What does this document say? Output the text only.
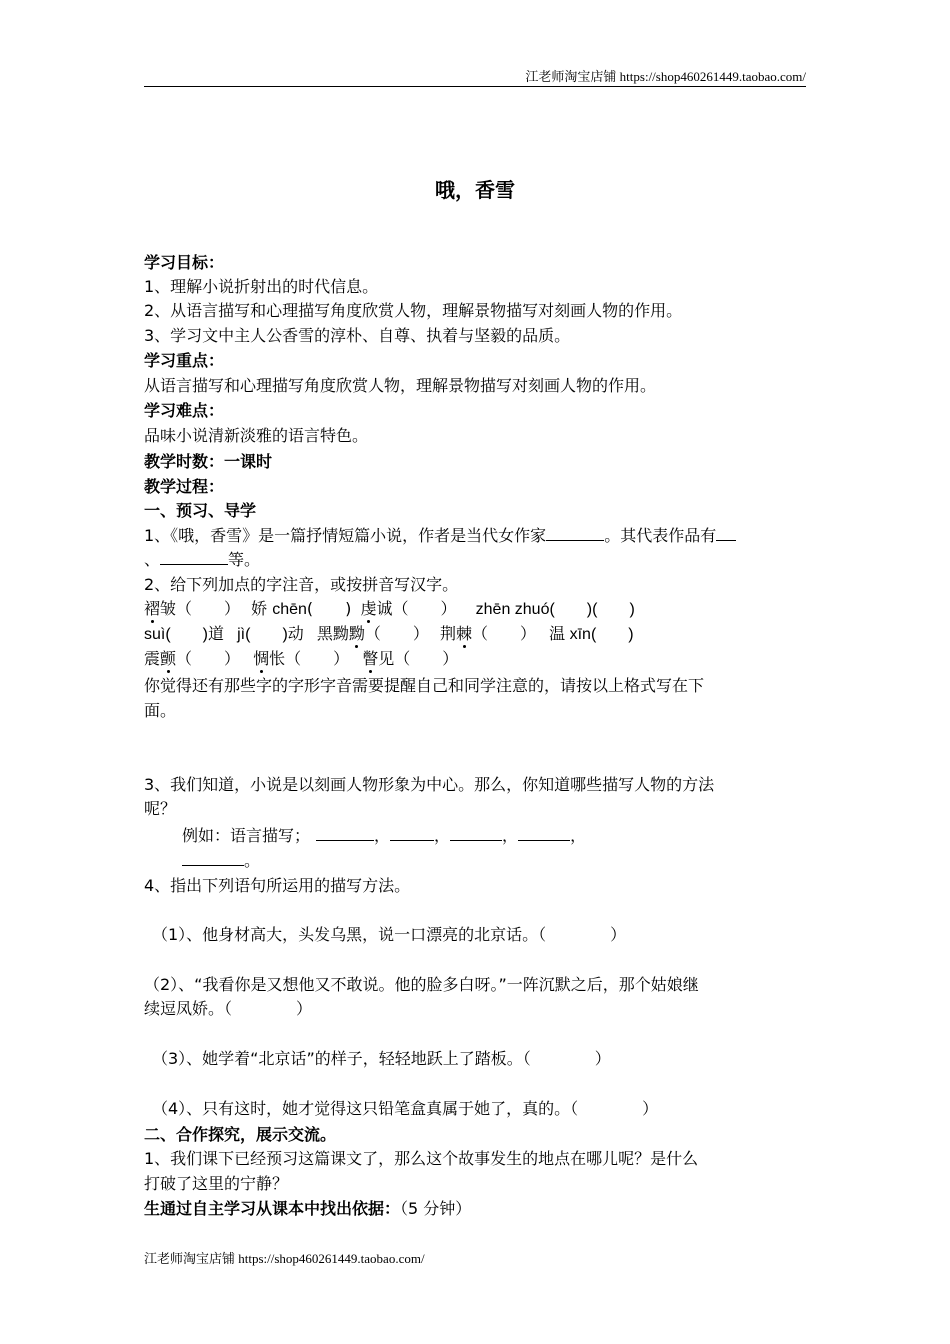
江老师淘宝店铺 https://shop460261449.taobao.com/
哦，香雪
学习目标：
1、理解小说折射出的时代信息。
2、从语言描写和心理描写角度欣赏人物，理解景物描写对刻画人物的作用。
3、学习文中主人公香雪的淳朴、自尊、执着与坚毅的品质。
学习重点：
从语言描写和心理描写角度欣赏人物，理解景物描写对刻画人物的作用。
学习难点：
品味小说清新淡雅的语言特色。
教学时数：一课时
教学过程：
一、预习、导学
1、《哦，香雪》是一篇抒情短篇小说，作者是当代女作家	。其代表作品有
、	等。
2、给下列加点的字注音，或按拼音写汉字。
褶皱（　　） 娇 chēn(　　) 虔诚（　　） zhēn zhuó(　　)(　　)
suì(　　)道 jì(　　)动 黑黝黝（　　） 荆棘（　　） 温 xīn(　　)
震颤（　　） 惆怅（　　） 瞥见（　　）
你觉得还有那些字的字形字音需要提醒自己和同学注意的，请按以上格式写在下
面。
3、我们知道，小说是以刻画人物形象为中心。那么，你知道哪些描写人物的方法
呢？
例如：语言描写；	，	，	，	，
。
4、指出下列语句所运用的描写方法。
（1）、他身材高大，头发乌黑，说一口漂亮的北京话。（　　　　）
（2）、“我看你是又想他又不敢说。他的脸多白呀。”一阵沉默之后，那个姑娘继
续逗凤娇。（　　　　）
（3）、她学着“北京话”的样子，轻轻地跃上了踏板。（　　　　）
（4）、只有这时，她才觉得这只铅笔盒真属于她了，真的。（　　　　）
二、合作探究，展示交流。
1、我们课下已经预习这篇课文了，那么这个故事发生的地点在哪儿呢？是什么
打破了这里的宁静？
生通过自主学习从课本中找出依据：（5 分钟）
江老师淘宝店铺 https://shop460261449.taobao.com/
